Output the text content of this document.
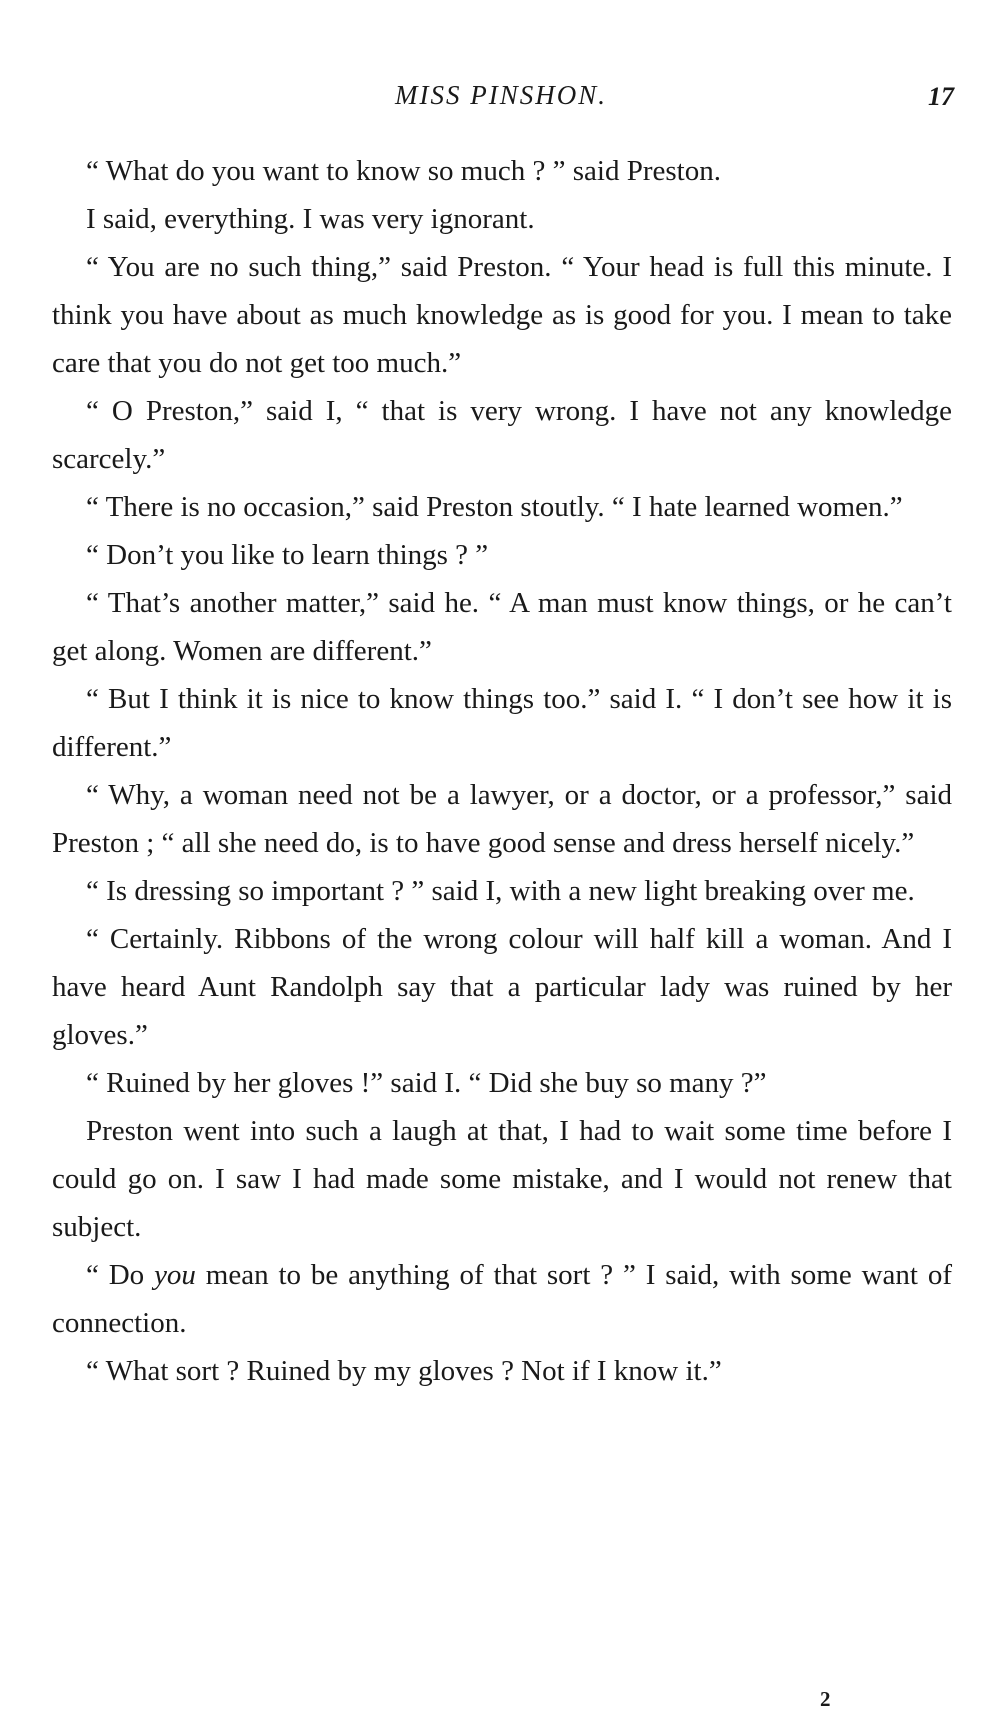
MISS PINSHON.	17

“ What do you want to know so much ? ” said Preston.

I said, everything. I was very ignorant.

“ You are no such thing,” said Preston. “ Your head is full this minute. I think you have about as much knowledge as is good for you. I mean to take care that you do not get too much.”

“ O Preston,” said I, “ that is very wrong. I have not any knowledge scarcely.”

“ There is no occasion,” said Preston stoutly. “ I hate learned women.”

“ Don’t you like to learn things ? ”

“ That’s another matter,” said he. “ A man must know things, or he can’t get along. Women are different.”

“ But I think it is nice to know things too.” said I. “ I don’t see how it is different.”

“ Why, a woman need not be a lawyer, or a doctor, or a professor,” said Preston ; “ all she need do, is to have good sense and dress herself nicely.”

“ Is dressing so important ? ” said I, with a new light breaking over me.

“ Certainly. Ribbons of the wrong colour will half kill a woman. And I have heard Aunt Randolph say that a particular lady was ruined by her gloves.”

“ Ruined by her gloves !” said I. “ Did she buy so many ?”

Preston went into such a laugh at that, I had to wait some time before I could go on. I saw I had made some mistake, and I would not renew that subject.

“ Do you mean to be anything of that sort ? ” I said, with some want of connection.

“ What sort ? Ruined by my gloves ? Not if I know it.”

2
